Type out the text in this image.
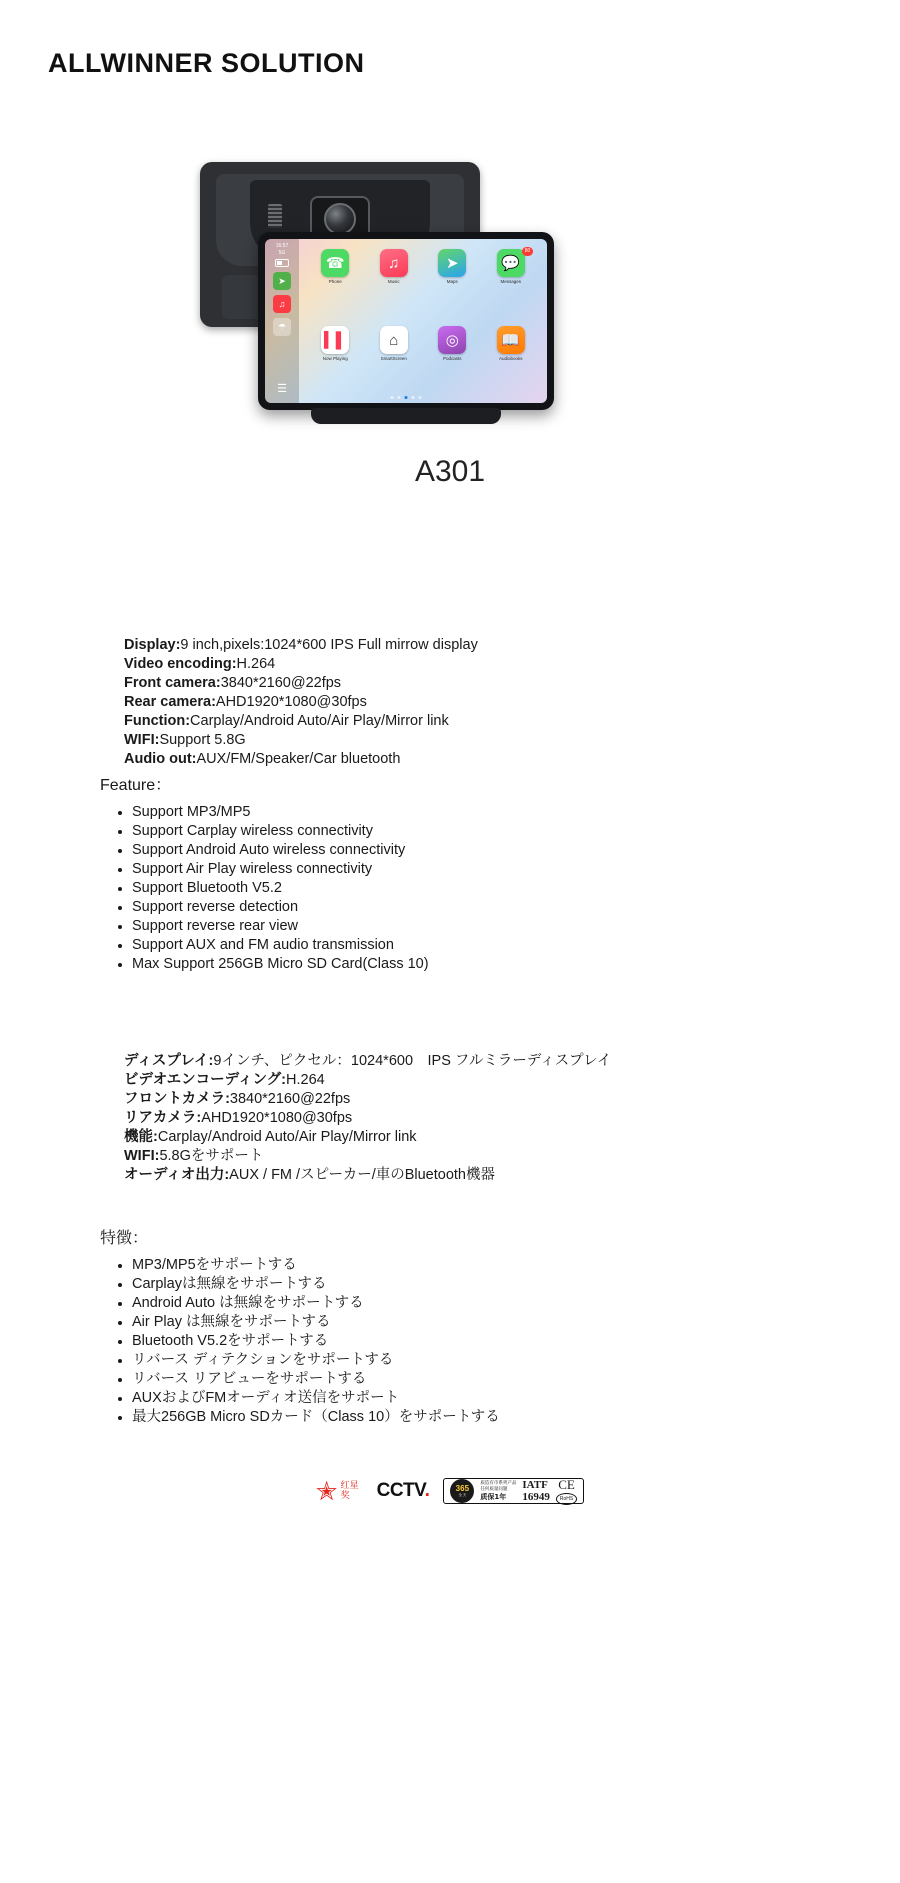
ALLWINNER SOLUTION
16:57
5G
➤
♫
☂
☰
☎
Phone
♫
Music
➤
Maps
80
💬
Messages
▍▌
Now Playing
⌂
SmartScreen
◎
Podcasts
📖
Audiobooks
A301
Display:9 inch,pixels:1024*600 IPS Full mirrow display
Video encoding:H.264
Front camera:3840*2160@22fps
Rear camera:AHD1920*1080@30fps
Function:Carplay/Android Auto/Air Play/Mirror link
WIFI:Support 5.8G
Audio out:AUX/FM/Speaker/Car bluetooth
Feature：
Support MP3/MP5
Support Carplay wireless connectivity
Support Android Auto wireless connectivity
Support Air Play wireless connectivity
Support Bluetooth V5.2
Support reverse detection
Support reverse rear view
Support AUX and FM audio transmission
Max Support 256GB Micro SD Card(Class 10)
ディスプレイ:9インチ、ピクセル：1024*600　IPS フルミラーディスプレイ
ビデオエンコーディング:H.264
フロントカメラ:3840*2160@22fps
リアカメラ:AHD1920*1080@30fps
機能:Carplay/Android Auto/Air Play/Mirror link
WIFI:5.8Gをサポート
オーディオ出力:AUX / FM /スピーカー/車のBluetooth機器
特徴：
MP3/MP5をサポートする
Carplayは無線をサポートする
Android Auto は無線をサポートする
Air Play は無線をサポートする
Bluetooth V5.2をサポートする
リバース ディテクションをサポートする
リバース リアビューをサポートする
AUXおよびFMオーディオ送信をサポート
最大256GB Micro SDカード（Class 10）をサポートする
✭ 红星奖	CCTV.	365
全 天
质造有市系列产品
任何质量问题
质保1年
IATF
16949
CE
RoHS
